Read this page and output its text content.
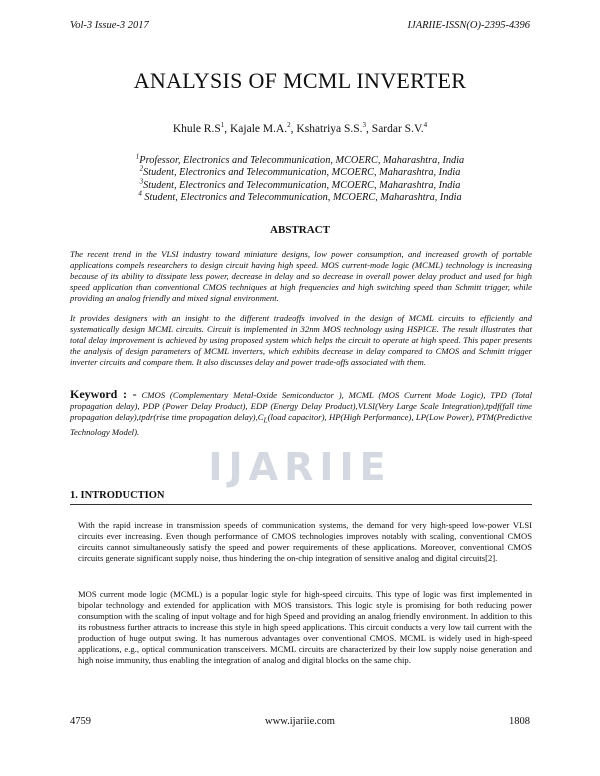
Vol-3 Issue-3 2017	IJARIIE-ISSN(O)-2395-4396
ANALYSIS OF MCML INVERTER
Khule $R.S^1$, Kajale M.A.$^2$, Kshatriya S.S.$^3$, Sardar S.V.$^4$
$^1$Professor, Electronics and Telecommunication, MCOERC, Maharashtra, India
$^2$Student, Electronics and Telecommunication, MCOERC, Maharashtra, India
$^3$Student, Electronics and Telecommunication, MCOERC, Maharashtra, India
$^4$ Student, Electronics and Telecommunication, MCOERC, Maharashtra, India
ABSTRACT
The recent trend in the VLSI industry toward miniature designs, low power consumption, and increased growth of portable applications compels researchers to design circuit having high speed. MOS current-mode logic (MCML) technology is increasing because of its ability to dissipate less power, decrease in delay and so decrease in overall power delay product and used for high speed application than conventional CMOS techniques at high frequencies and high switching speed than Schmitt trigger, while providing an analog friendly and mixed signal environment.
It provides designers with an insight to the different tradeoffs involved in the design of MCML circuits to efficiently and systematically design MCML circuits. Circuit is implemented in 32nm MOS technology using HSPICE. The result illustrates that total delay improvement is achieved by using proposed system which helps the circuit to operate at high speed. This paper presents the analysis of design parameters of MCML inverters, which exhibits decrease in delay compared to CMOS and Schmitt trigger inverter circuits and compare them. It also discusses delay and power trade-offs associated with them.
Keyword : - CMOS (Complementary Metal-Oxide Semiconductor ), MCML (MOS Current Mode Logic), TPD (Total propagation delay), PDP (Power Delay Product), EDP (Energy Delay Product),VLSI(Very Large Scale Integration),tpdf(fall time propagation delay),tpdr(rise time propagation $delay),C_L(load$ capacitor), HP(High Performance), LP(Low Power), PTM(Predictive Technology Model).
IJARIIE
1. INTRODUCTION
With the rapid increase in transmission speeds of communication systems, the demand for very high-speed low-power VLSI circuits ever increasing. Even though performance of CMOS technologies improves notably with scaling, conventional CMOS circuits cannot simultaneously satisfy the speed and power requirements of these applications. Moreover, conventional CMOS circuits generate significant supply noise, thus hindering the on-chip integration of sensitive analog and digital circuits[2].
MOS current mode logic (MCML) is a popular logic style for high-speed circuits. This type of logic was first implemented in bipolar technology and extended for application with MOS transistors. This logic style is promising for both reducing power consumption with the scaling of input voltage and for high Speed and providing an analog friendly environment. In addition to this its robustness further attracts to increase this style in high speed applications. This circuit conducts a very low tail current with the production of huge output swing. It has numerous advantages over conventional CMOS. MCML is widely used in high-speed applications, e.g., optical communication transceivers. MCML circuits are characterized by their low supply noise generation and high noise immunity, thus enabling the integration of analog and digital blocks on the same chip.
4759	www.ijariie.com	1808
